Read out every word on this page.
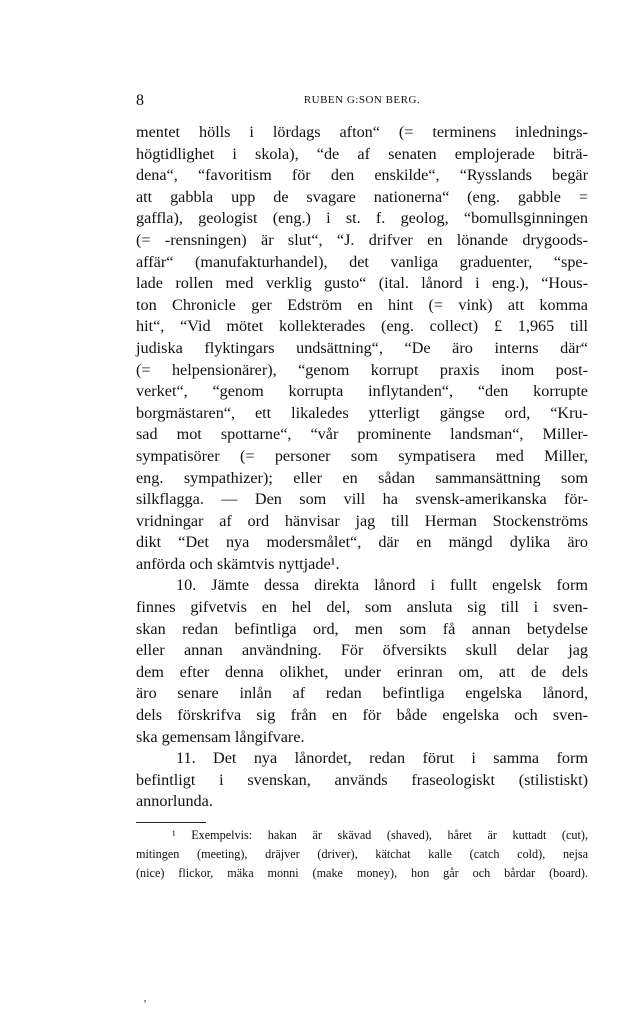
8	RUBEN G:SON BERG.
mentet hölls i lördags afton“ (= terminens inlednings-
högtidlighet i skola), “de af senaten emplojerade biträ-
dena“, “favoritism för den enskilde“, “Rysslands begär
att gabbla upp de svagare nationerna“ (eng. gabble =
gaffla), geologist (eng.) i st. f. geolog, “bomullsginningen
(= -rensningen) är slut“, “J. drifver en lönande drygoods-
affär“ (manufakturhandel), det vanliga graduenter, “spe-
lade rollen med verklig gusto“ (ital. lånord i eng.), “Hous-
ton Chronicle ger Edström en hint (= vink) att komma
hit“, “Vid mötet kollekterades (eng. collect) £ 1,965 till
judiska flyktingars undsättning“, “De äro interns där“
(= helpensionärer), “genom korrupt praxis inom post-
verket“, “genom korrupta inflytanden“, “den korrupte
borgmästaren“, ett likaledes ytterligt gängse ord, “Kru-
sad mot spottarne“, “vår prominente landsman“, Miller-
sympatisörer (= personer som sympatisera med Miller,
eng. sympathizer); eller en sådan sammansättning som
silkflagga. — Den som vill ha svensk-amerikanska för-
vridningar af ord hänvisar jag till Herman Stockenströms
dikt “Det nya modersmålet“, där en mängd dylika äro
anförda och skämtvis nyttjade¹.
10. Jämte dessa direkta lånord i fullt engelsk form
finnes gifvetvis en hel del, som ansluta sig till i sven-
skan redan befintliga ord, men som få annan betydelse
eller annan användning. För öfversikts skull delar jag
dem efter denna olikhet, under erinran om, att de dels
äro senare inlån af redan befintliga engelska lånord,
dels förskrifva sig från en för både engelska och sven-
ska gemensam långifvare.
11. Det nya lånordet, redan förut i samma form
befintligt i svenskan, används fraseologiskt (stilistiskt)
annorlunda.
¹ Exempelvis: hakan är skävad (shaved), håret är kuttadt (cut),
mitingen (meeting), dräjver (driver), kätchat kalle (catch cold), nejsa
(nice) flickor, mäka monni (make money), hon går och bårdar (board).
‚
